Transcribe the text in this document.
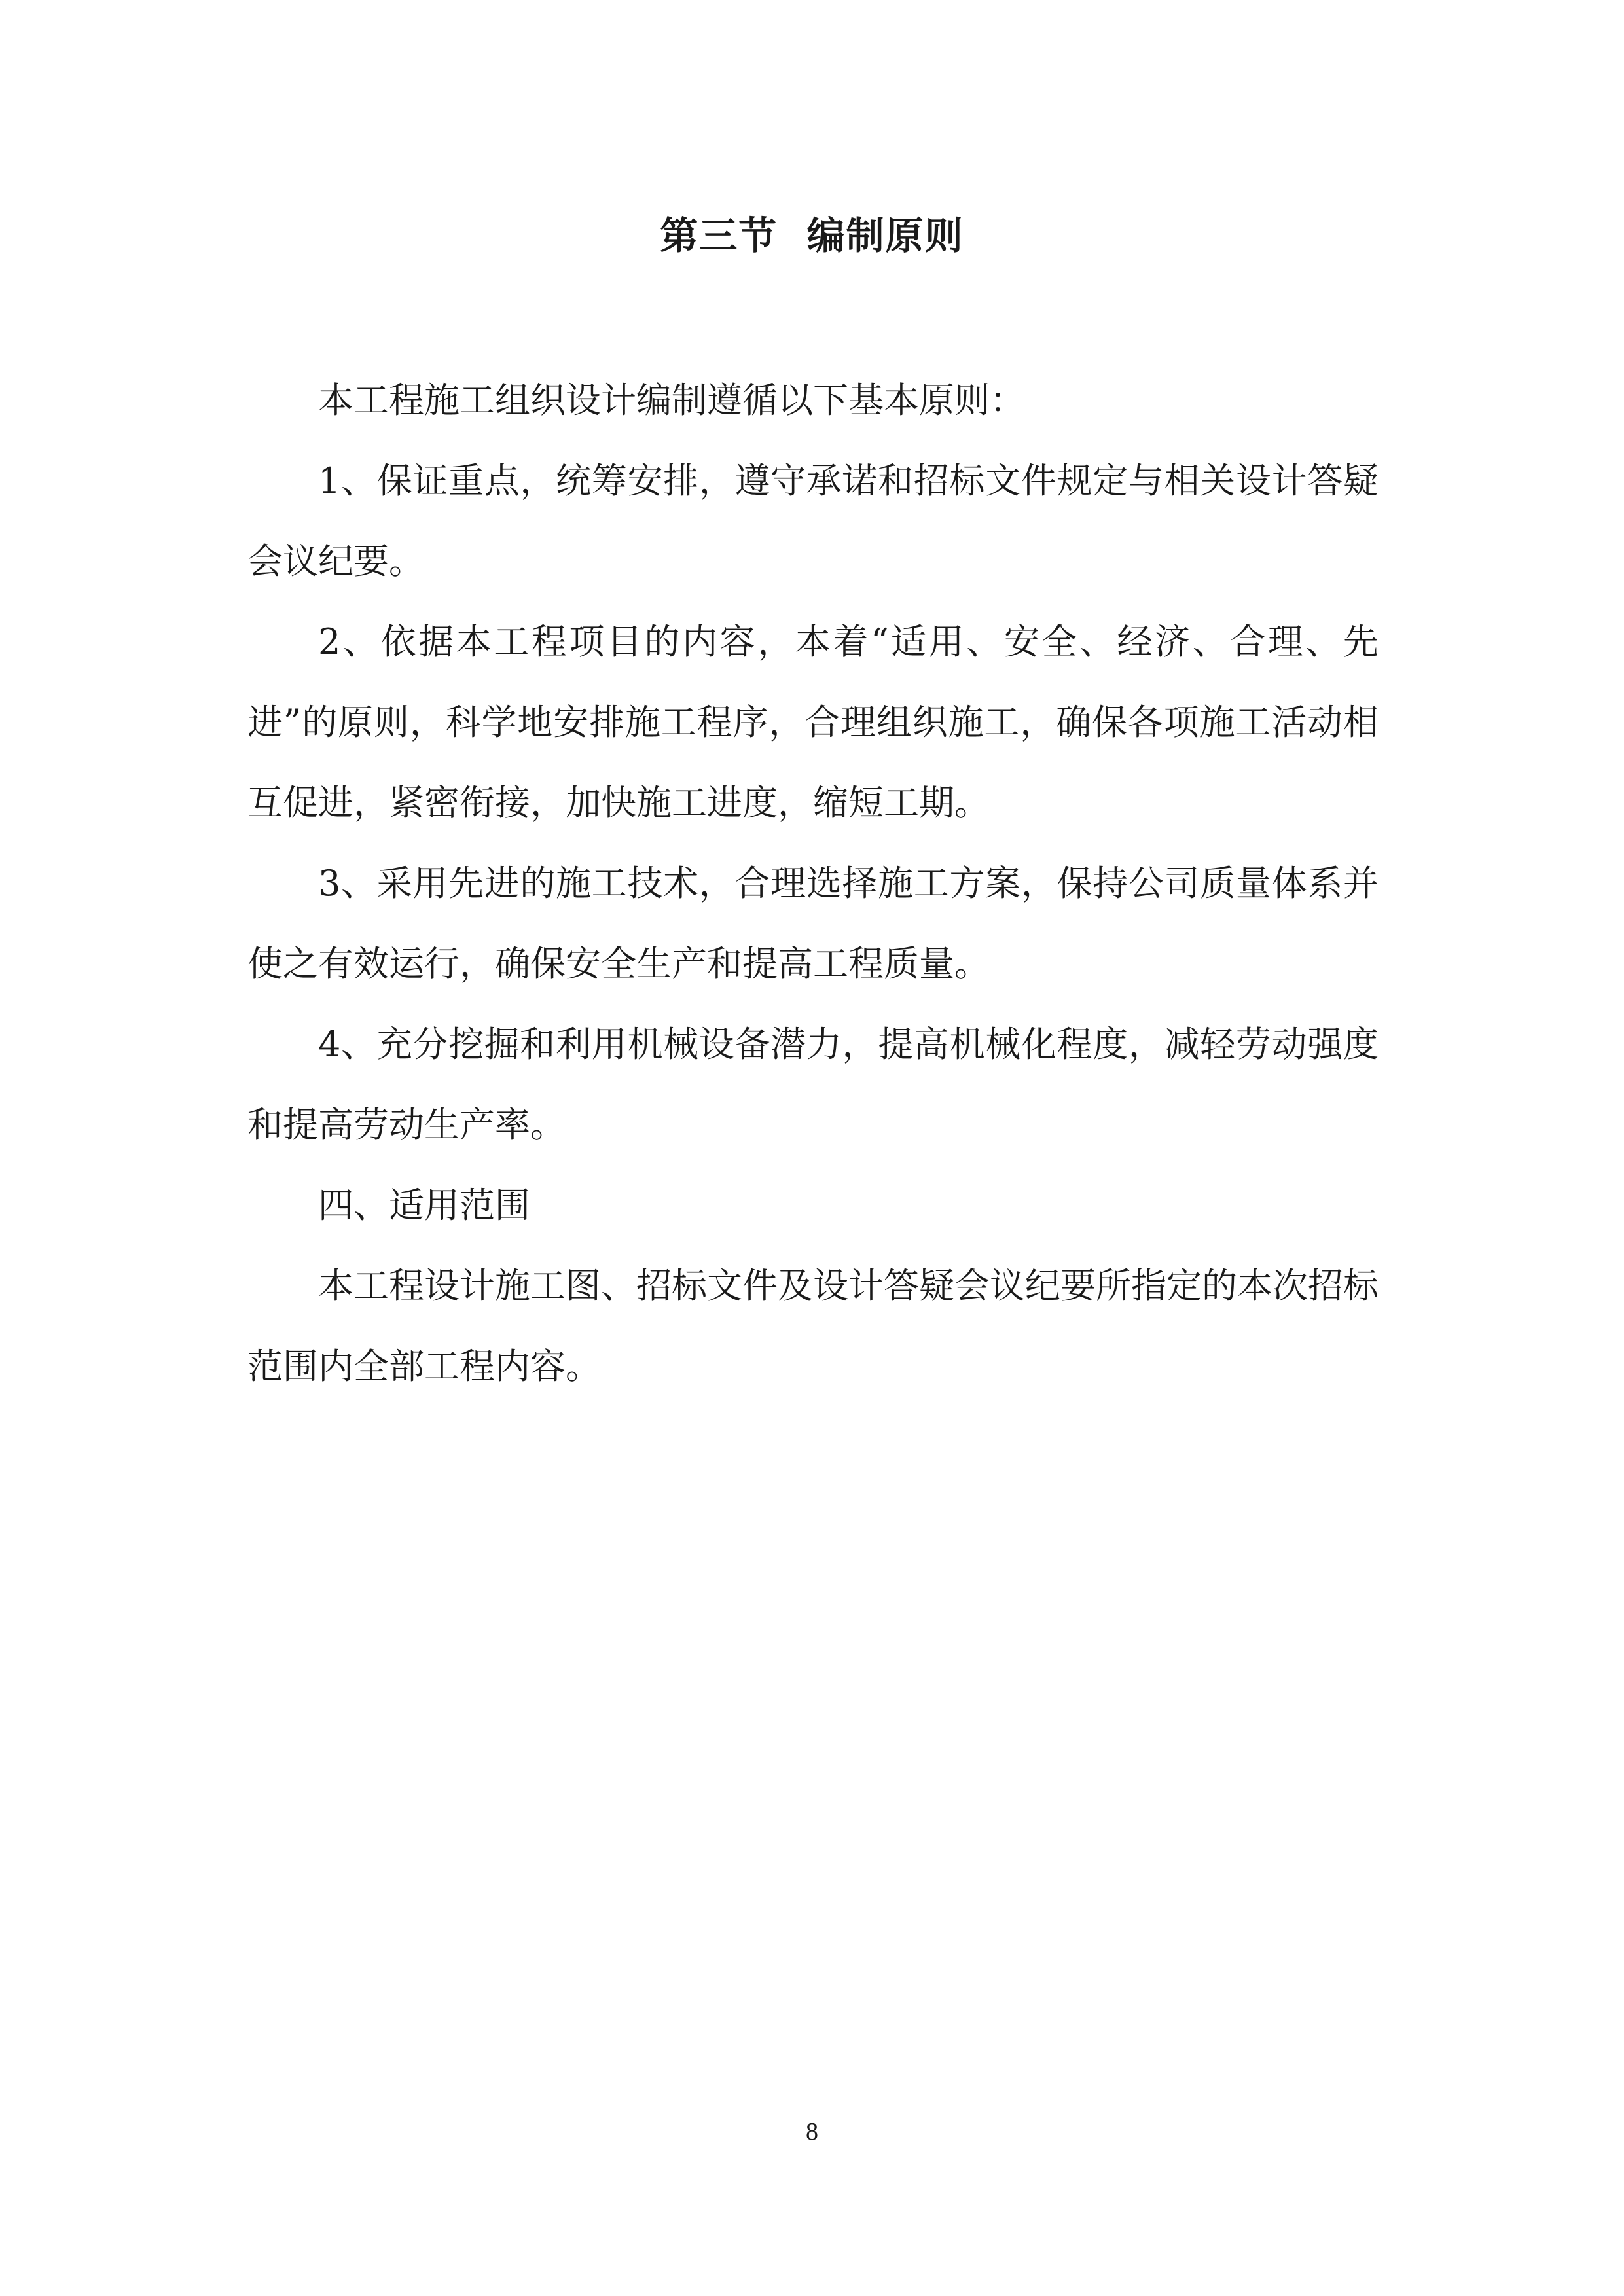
第三节  编制原则

本工程施工组织设计编制遵循以下基本原则：

1、保证重点，统筹安排，遵守承诺和招标文件规定与相关设计答疑会议纪要。

2、依据本工程项目的内容，本着“适用、安全、经济、合理、先进”的原则，科学地安排施工程序，合理组织施工，确保各项施工活动相互促进，紧密衔接，加快施工进度，缩短工期。

3、采用先进的施工技术，合理选择施工方案，保持公司质量体系并使之有效运行，确保安全生产和提高工程质量。

4、充分挖掘和利用机械设备潜力，提高机械化程度，减轻劳动强度和提高劳动生产率。

四、适用范围

本工程设计施工图、招标文件及设计答疑会议纪要所指定的本次招标范围内全部工程内容。

8
